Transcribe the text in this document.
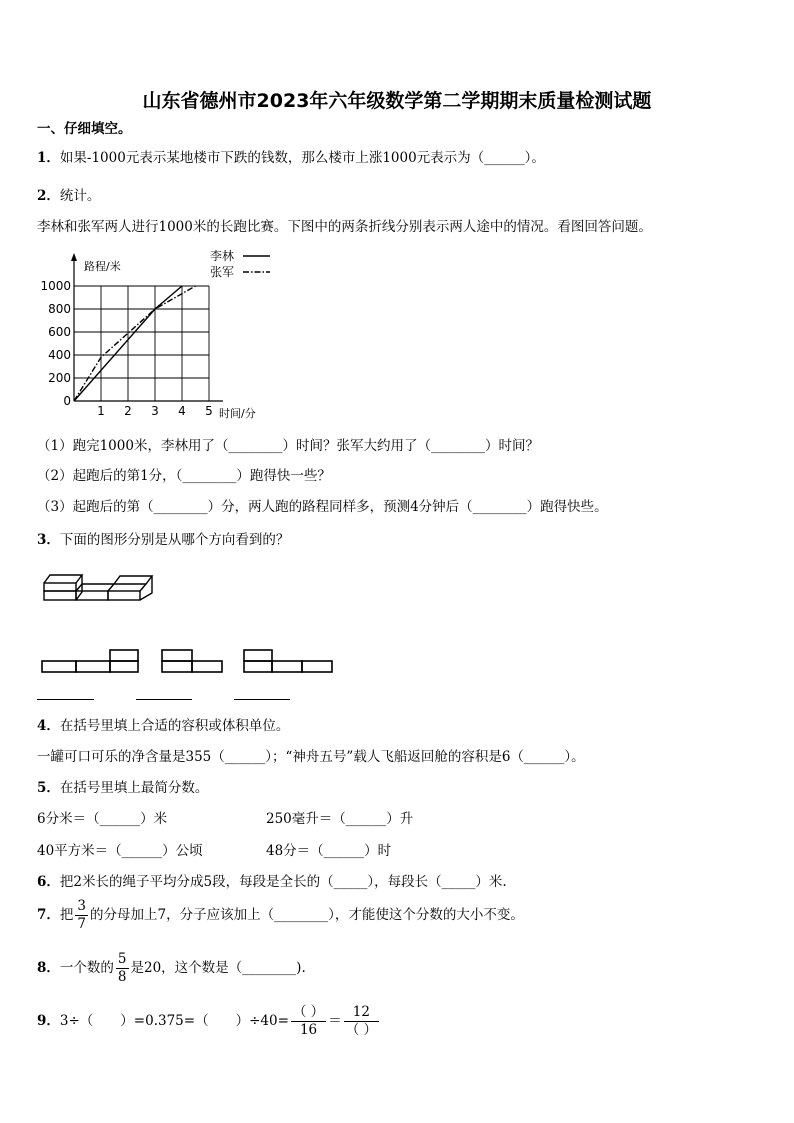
山东省德州市2023年六年级数学第二学期期末质量检测试题
一、仔细填空。
1．如果-1000元表示某地楼市下跌的钱数，那么楼市上涨1000元表示为（______）。
2．统计。
李林和张军两人进行1000米的长跑比赛。下图中的两条折线分别表示两人途中的情况。看图回答问题。
0
200
400
600
800
1000
1 2 3 4 5
路程/米
时间/分
李林
张军
（1）跑完1000米，李林用了（________）时间？张军大约用了（________）时间？
（2）起跑后的第1分，（________）跑得快一些？
（3）起跑后的第（________）分，两人跑的路程同样多，预测4分钟后（________）跑得快些。
3．下面的图形分别是从哪个方向看到的？
4．在括号里填上合适的容积或体积单位。
一罐可口可乐的净含量是355（______）；“神舟五号”载人飞船返回舱的容积是6（______）。
5．在括号里填上最简分数。
6分米＝（______）米	250毫升＝（______）升
40平方米＝（______）公顷	48分＝（______）时
6．把2米长的绳子平均分成5段，每段是全长的（_____），每段长（_____）米.
7．把 $\frac{3}{7}$ 的分母加上7，分子应该加上（________），才能使这个分数的大小不变。
8．一个数的 $\frac{5}{8}$ 是20，这个数是（________).
9．3÷（　　）=0.375=（　　）$\div 40= \frac{( )}{16} = \frac{12}{( )}$
